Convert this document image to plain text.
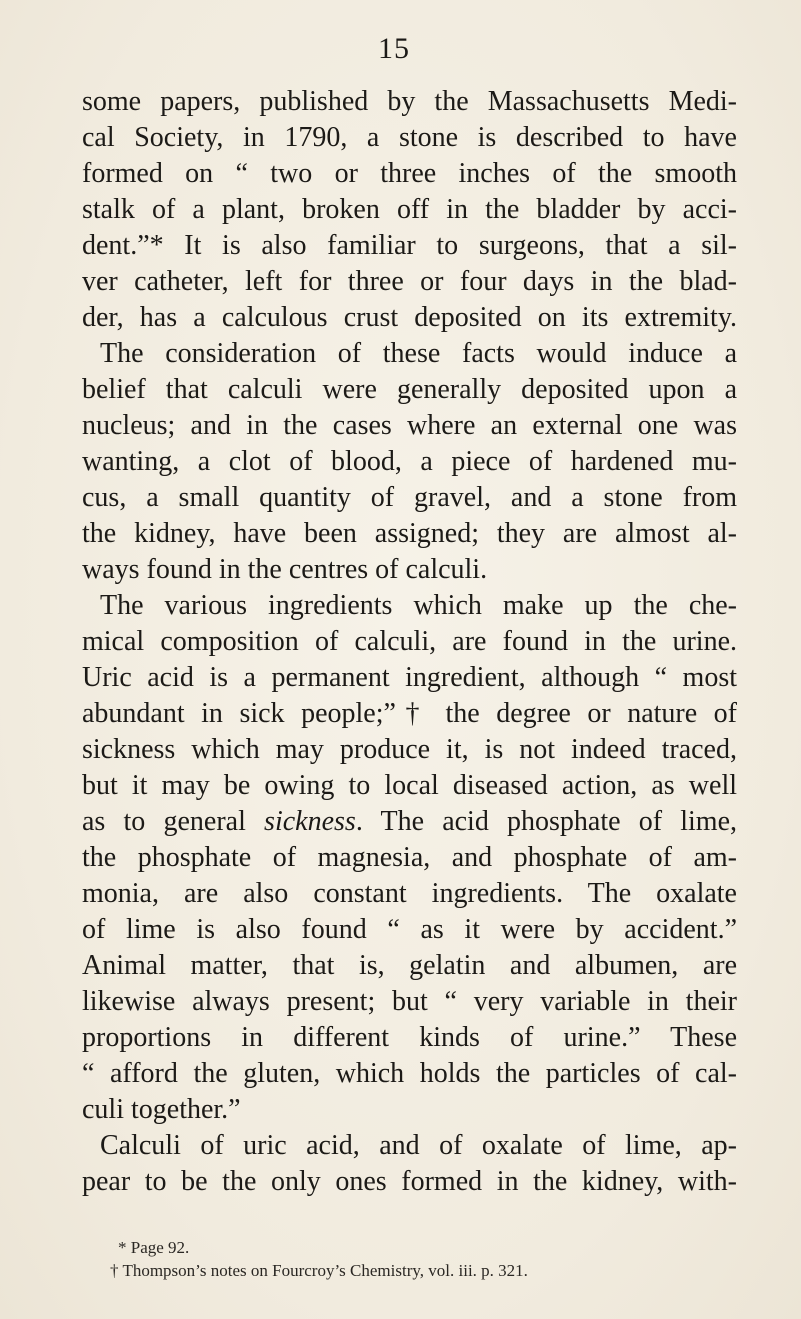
15
some papers, published by the Massachusetts Medi-
cal Society, in 1790, a stone is described to have
formed on “ two or three inches of the smooth
stalk of a plant, broken off in the bladder by acci-
dent.”* It is also familiar to surgeons, that a sil-
ver catheter, left for three or four days in the blad-
der, has a calculous crust deposited on its extremity.
The consideration of these facts would induce a
belief that calculi were generally deposited upon a
nucleus; and in the cases where an external one was
wanting, a clot of blood, a piece of hardened mu-
cus, a small quantity of gravel, and a stone from
the kidney, have been assigned; they are almost al-
ways found in the centres of calculi.
The various ingredients which make up the che-
mical composition of calculi, are found in the urine.
Uric acid is a permanent ingredient, although “ most
abundant in sick people;”† the degree or nature of
sickness which may produce it, is not indeed traced,
but it may be owing to local diseased action, as well
as to general sickness. The acid phosphate of lime,
the phosphate of magnesia, and phosphate of am-
monia, are also constant ingredients. The oxalate
of lime is also found “ as it were by accident.”
Animal matter, that is, gelatin and albumen, are
likewise always present; but “ very variable in their
proportions in different kinds of urine.” These
“ afford the gluten, which holds the particles of cal-
culi together.”
Calculi of uric acid, and of oxalate of lime, ap-
pear to be the only ones formed in the kidney, with-
* Page 92.
† Thompson’s notes on Fourcroy’s Chemistry, vol. iii. p. 321.
